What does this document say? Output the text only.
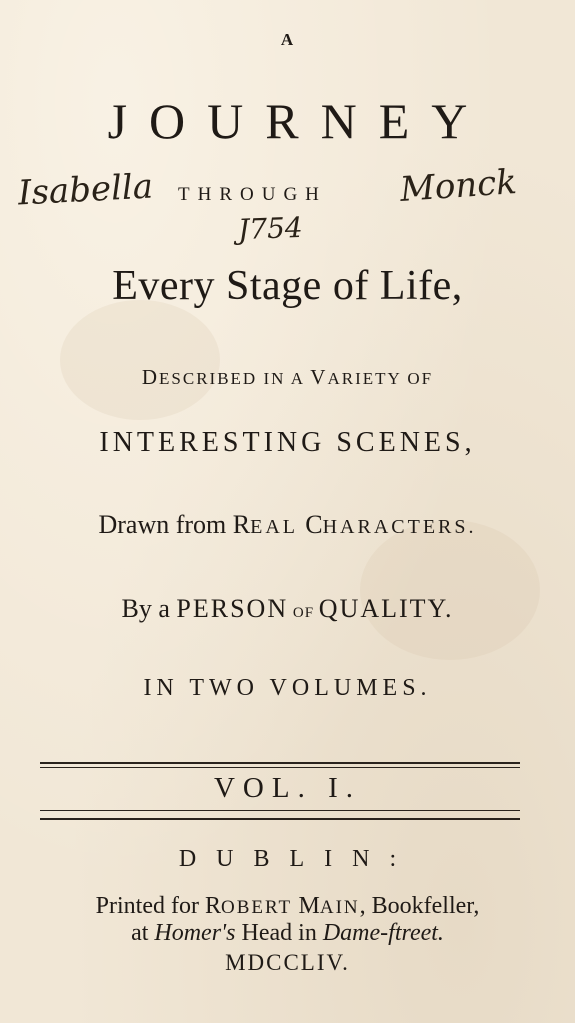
A
JOURNEY
Isabella THROUGH Monck
J754
Every Stage of Life,
DESCRIBED IN A VARIETY OF
INTERESTING SCENES,
Drawn from REAL CHARACTERS.
By a PERSON OF QUALITY.
IN TWO VOLUMES.
VOL. I.
DUBLIN:
Printed for ROBERT MAIN, Bookfeller,
at Homer's Head in Dame-ftreet.
MDCCLIV.
